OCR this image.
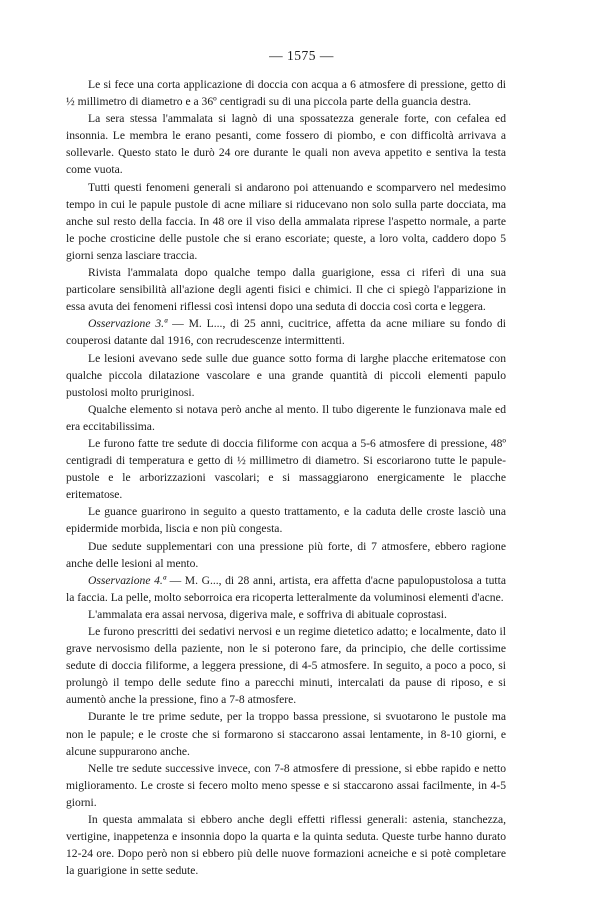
— 1575 —

Le si fece una corta applicazione di doccia con acqua a 6 atmosfere di pressione, getto di ½ millimetro di diametro e a 36º centigradi su di una piccola parte della guancia destra.

La sera stessa l'ammalata si lagnò di una spossatezza generale forte, con cefalea ed insonnia. Le membra le erano pesanti, come fossero di piombo, e con difficoltà arrivava a sollevarle. Questo stato le durò 24 ore durante le quali non aveva appetito e sentiva la testa come vuota.

Tutti questi fenomeni generali si andarono poi attenuando e scomparvero nel medesimo tempo in cui le papule pustole di acne miliare si riducevano non solo sulla parte docciata, ma anche sul resto della faccia. In 48 ore il viso della ammalata riprese l'aspetto normale, a parte le poche crosticine delle pustole che si erano escoriate; queste, a loro volta, caddero dopo 5 giorni senza lasciare traccia.

Rivista l'ammalata dopo qualche tempo dalla guarigione, essa ci riferì di una sua particolare sensibilità all'azione degli agenti fisici e chimici. Il che ci spiegò l'apparizione in essa avuta dei fenomeni riflessi così intensi dopo una seduta di doccia così corta e leggera.

Osservazione 3.ª — M. L..., di 25 anni, cucitrice, affetta da acne miliare su fondo di couperosi datante dal 1916, con recrudescenze intermittenti.

Le lesioni avevano sede sulle due guance sotto forma di larghe placche eritematose con qualche piccola dilatazione vascolare e una grande quantità di piccoli elementi papulo pustolosi molto pruriginosi.

Qualche elemento si notava però anche al mento. Il tubo digerente le funzionava male ed era eccitabilissima.

Le furono fatte tre sedute di doccia filiforme con acqua a 5-6 atmosfere di pressione, 48º centigradi di temperatura e getto di ½ millimetro di diametro. Si escoriarono tutte le papule-pustole e le arborizzazioni vascolari; e si massaggiarono energicamente le placche eritematose.

Le guance guarirono in seguito a questo trattamento, e la caduta delle croste lasciò una epidermide morbida, liscia e non più congesta.

Due sedute supplementari con una pressione più forte, di 7 atmosfere, ebbero ragione anche delle lesioni al mento.

Osservazione 4.ª — M. G..., di 28 anni, artista, era affetta d'acne papulopustolosa a tutta la faccia. La pelle, molto seborroica era ricoperta letteralmente da voluminosi elementi d'acne.

L'ammalata era assai nervosa, digeriva male, e soffriva di abituale coprostasi.

Le furono prescritti dei sedativi nervosi e un regime dietetico adatto; e localmente, dato il grave nervosismo della paziente, non le si poterono fare, da principio, che delle cortissime sedute di doccia filiforme, a leggera pressione, di 4-5 atmosfere. In seguito, a poco a poco, si prolungò il tempo delle sedute fino a parecchi minuti, intercalati da pause di riposo, e si aumentò anche la pressione, fino a 7-8 atmosfere.

Durante le tre prime sedute, per la troppo bassa pressione, si svuotarono le pustole ma non le papule; e le croste che si formarono si staccarono assai lentamente, in 8-10 giorni, e alcune suppurarono anche.

Nelle tre sedute successive invece, con 7-8 atmosfere di pressione, si ebbe rapido e netto miglioramento. Le croste si fecero molto meno spesse e si staccarono assai facilmente, in 4-5 giorni.

In questa ammalata si ebbero anche degli effetti riflessi generali: astenia, stanchezza, vertigine, inappetenza e insonnia dopo la quarta e la quinta seduta. Queste turbe hanno durato 12-24 ore. Dopo però non si ebbero più delle nuove formazioni acneiche e si potè completare la guarigione in sette sedute.
